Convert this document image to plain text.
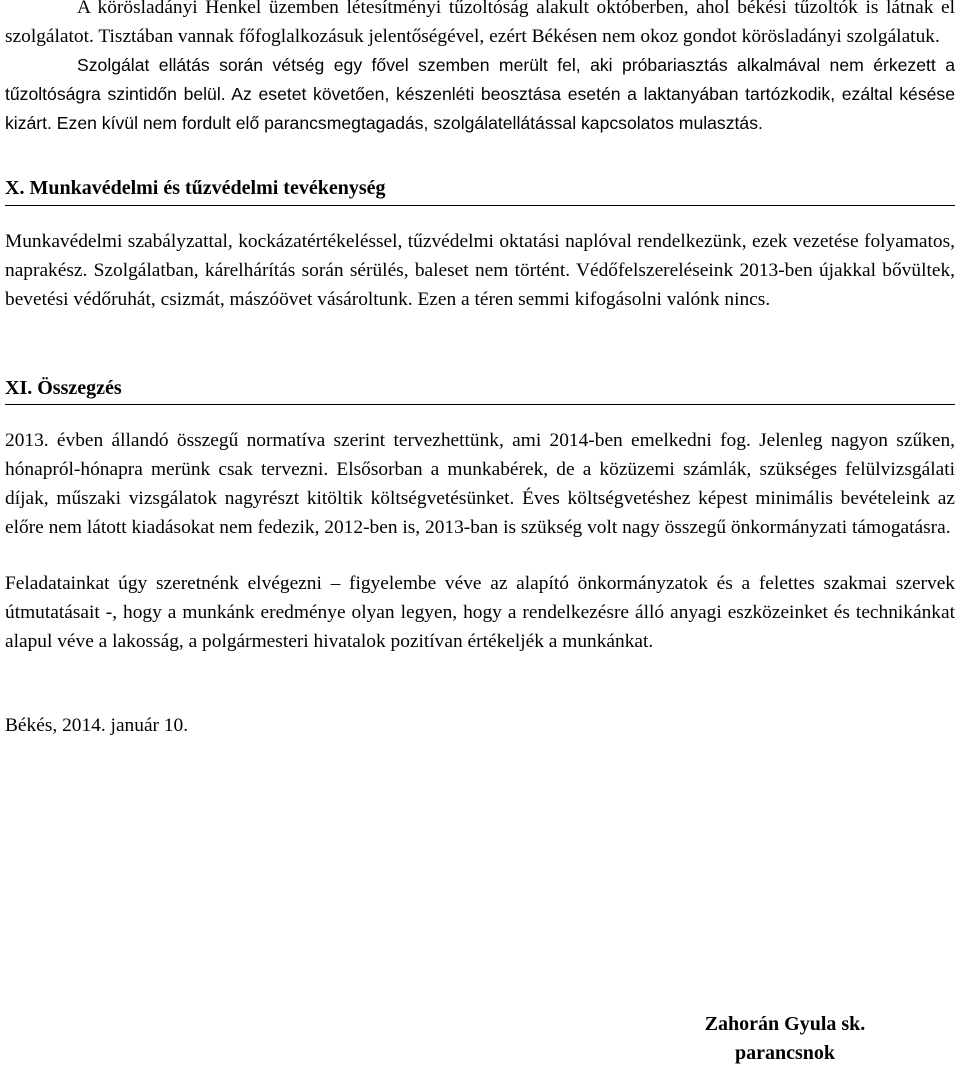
A körösladányi Henkel üzemben létesítményi tűzoltóság alakult októberben, ahol békési tűzoltók is látnak el szolgálatot. Tisztában vannak főfoglalkozásuk jelentőségével, ezért Békésen nem okoz gondot körösladányi szolgálatuk.
Szolgálat ellátás során vétség egy fővel szemben merült fel, aki próbariasztás alkalmával nem érkezett a tűzoltóságra szintidőn belül. Az esetet követően, készenléti beosztása esetén a laktanyában tartózkodik, ezáltal késése kizárt. Ezen kívül nem fordult elő parancsmegtagadás, szolgálatellátással kapcsolatos mulasztás.

X. Munkavédelmi és tűzvédelmi tevékenység

Munkavédelmi szabályzattal, kockázatértékeléssel, tűzvédelmi oktatási naplóval rendelkezünk, ezek vezetése folyamatos, naprakész. Szolgálatban, kárelhárítás során sérülés, baleset nem történt. Védőfelszereléseink 2013-ben újakkal bővültek, bevetési védőruhát, csizmát, mászóövet vásároltunk. Ezen a téren semmi kifogásolni valónk nincs.

XI. Összegzés

2013. évben állandó összegű normatíva szerint tervezhettünk, ami 2014-ben emelkedni fog. Jelenleg nagyon szűken, hónapról-hónapra merünk csak tervezni. Elsősorban a munkabérek, de a közüzemi számlák, szükséges felülvizsgálati díjak, műszaki vizsgálatok nagyrészt kitöltik költségvetésünket. Éves költségvetéshez képest minimális bevételeink az előre nem látott kiadásokat nem fedezik, 2012-ben is, 2013-ban is szükség volt nagy összegű önkormányzati támogatásra.

Feladatainkat úgy szeretnénk elvégezni – figyelembe véve az alapító önkormányzatok és a felettes szakmai szervek útmutatásait -, hogy a munkánk eredménye olyan legyen, hogy a rendelkezésre álló anyagi eszközeinket és technikánkat alapul véve a lakosság, a polgármesteri hivatalok pozitívan értékeljék a munkánkat.

Békés, 2014. január 10.

Zahorán Gyula sk.
parancsnok
